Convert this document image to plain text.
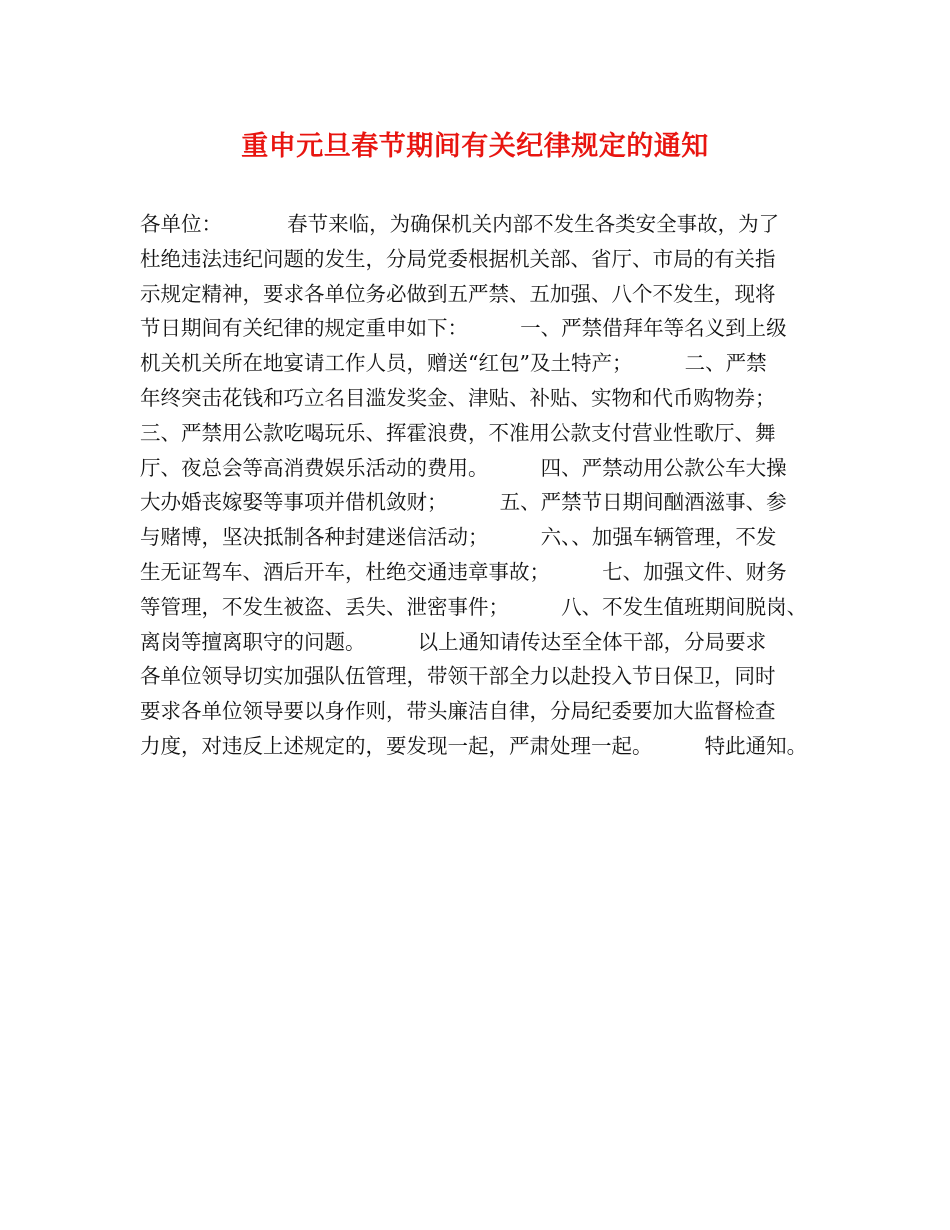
重申元旦春节期间有关纪律规定的通知
各单位：          春节来临，为确保机关内部不发生各类安全事故，为了
杜绝违法违纪问题的发生，分局党委根据机关部、省厅、市局的有关指
示规定精神，要求各单位务必做到五严禁、五加强、八个不发生，现将
节日期间有关纪律的规定重申如下：        一、严禁借拜年等名义到上级
机关机关所在地宴请工作人员，赠送“红包”及土特产；        二、严禁
年终突击花钱和巧立名目滥发奖金、津贴、补贴、实物和代币购物券；
三、严禁用公款吃喝玩乐、挥霍浪费，不准用公款支付营业性歌厅、舞
厅、夜总会等高消费娱乐活动的费用。        四、严禁动用公款公车大操
大办婚丧嫁娶等事项并借机敛财；        五、严禁节日期间酗酒滋事、参
与赌博，坚决抵制各种封建迷信活动；        六、、加强车辆管理，不发
生无证驾车、酒后开车，杜绝交通违章事故；        七、加强文件、财务
等管理，不发生被盗、丢失、泄密事件；        八、不发生值班期间脱岗、
离岗等擅离职守的问题。        以上通知请传达至全体干部，分局要求
各单位领导切实加强队伍管理，带领干部全力以赴投入节日保卫，同时
要求各单位领导要以身作则，带头廉洁自律，分局纪委要加大监督检查
力度，对违反上述规定的，要发现一起，严肃处理一起。        特此通知。
